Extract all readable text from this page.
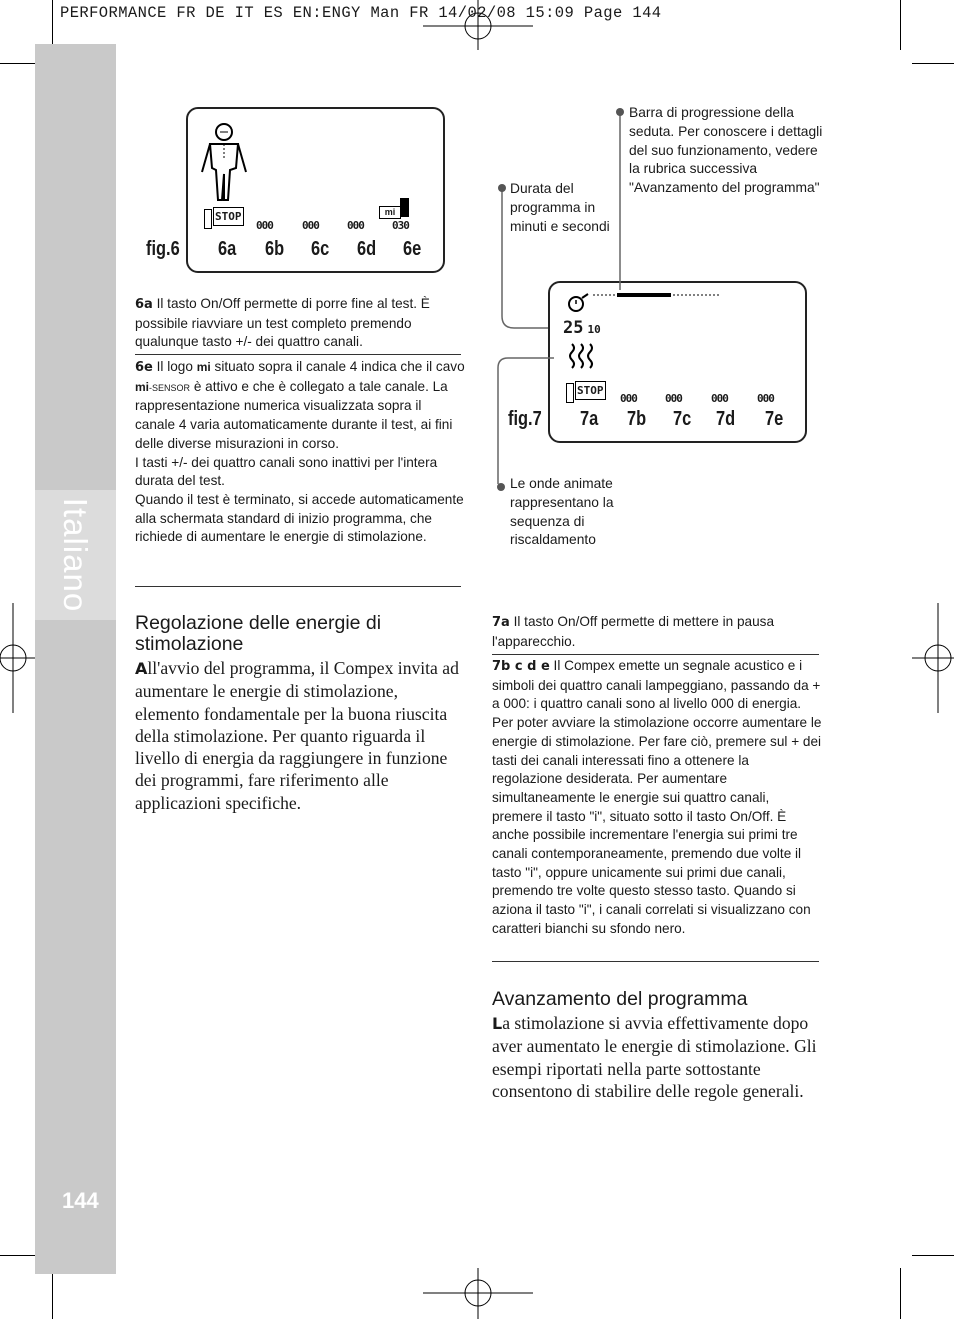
PERFORMANCE FR DE IT ES EN:ENGY Man FR 14/02/08 15:09 Page 144
Italiano
144
STOP
000	000	000	030
mi
fig.6 6a 6b 6c 6d 6e
6a Il tasto On/Off permette di porre fine al test. È possibile riavviare un test completo premendo qualunque tasto +/- dei quattro canali.
6e Il logo mi situato sopra il canale 4 indica che il cavo mi-SENSOR è attivo e che è collegato a tale canale. La rappresentazione numerica visualizzata sopra il canale 4 varia automaticamente durante il test, ai fini delle diverse misurazioni in corso.
I tasti +/- dei quattro canali sono inattivi per l'intera durata del test.
Quando il test è terminato, si accede automaticamente alla schermata standard di inizio programma, che richiede di aumentare le energie di stimolazione.
25 10
STOP
000	000	000	000
fig.7 7a 7b 7c 7d 7e
Barra di progressione della seduta. Per conoscere i dettagli del suo funzionamento, vedere la rubrica successiva "Avanzamento del programma"
Durata del programma in minuti e secondi
Le onde animate rappresentano la sequenza di riscaldamento
Regolazione delle energie di stimolazione
All'avvio del programma, il Compex invita ad aumentare le energie di stimolazione, elemento fondamentale per la buona riuscita della stimolazione. Per quanto riguarda il livello di energia da raggiungere in funzione dei programmi, fare riferimento alle applicazioni specifiche.
7a Il tasto On/Off permette di mettere in pausa l'apparecchio.
7b c d e Il Compex emette un segnale acustico e i simboli dei quattro canali lampeggiano, passando da + a 000: i quattro canali sono al livello 000 di energia. Per poter avviare la stimolazione occorre aumentare le energie di stimolazione. Per fare ciò, premere sul + dei tasti dei canali interessati fino a ottenere la regolazione desiderata. Per aumentare simultaneamente le energie sui quattro canali, premere il tasto "i", situato sotto il tasto On/Off. È anche possibile incrementare l'energia sui primi tre canali contemporaneamente, premendo due volte il tasto "i", oppure unicamente sui primi due canali, premendo tre volte questo stesso tasto. Quando si aziona il tasto "i", i canali correlati si visualizzano con caratteri bianchi su sfondo nero.
Avanzamento del programma
La stimolazione si avvia effettivamente dopo aver aumentato le energie di stimolazione. Gli esempi riportati nella parte sottostante consentono di stabilire delle regole generali.
